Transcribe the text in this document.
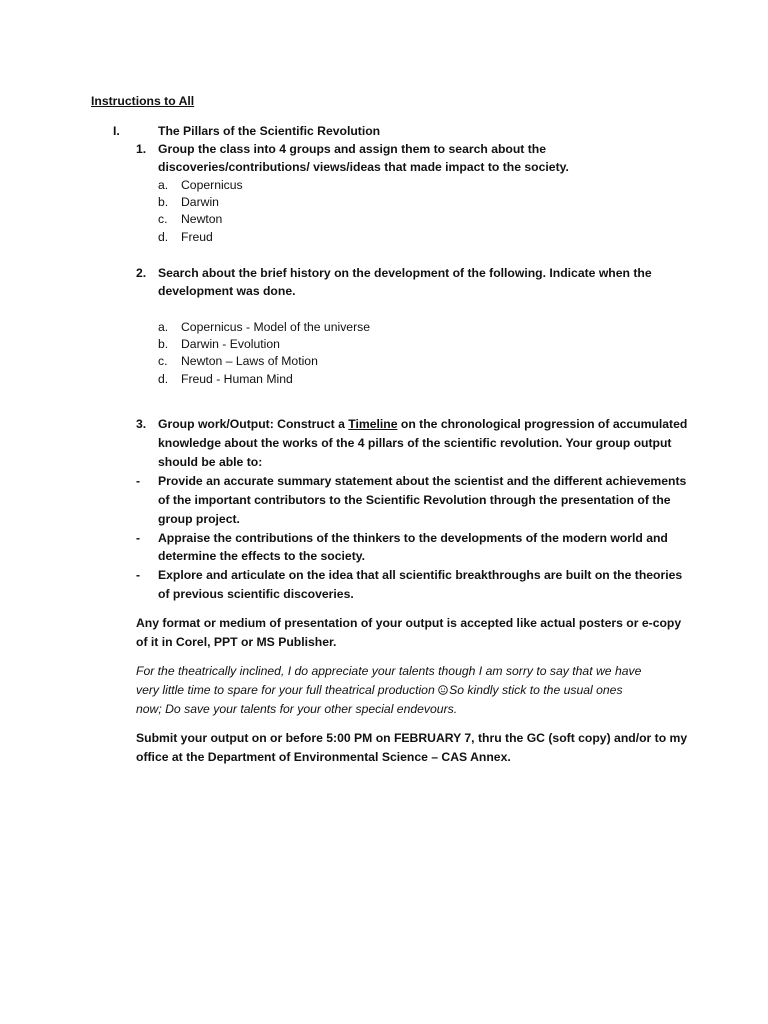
Instructions to All
I.	The Pillars of the Scientific Revolution
1. Group the class into 4 groups and assign them to search about the
discoveries/contributions/ views/ideas that made impact to the society.
a. Copernicus
b. Darwin
c. Newton
d. Freud
2. Search about the brief history on the development of the following. Indicate when the
development was done.
a. Copernicus - Model of the universe
b. Darwin - Evolution
c. Newton – Laws of Motion
d. Freud - Human Mind
3. Group work/Output: Construct a Timeline on the chronological progression of accumulated
knowledge about the works of the 4 pillars of the scientific revolution. Your group output
should be able to:
- Provide an accurate summary statement about the scientist and the different achievements
of the important contributors to the Scientific Revolution through the presentation of the
group project.
- Appraise the contributions of the thinkers to the developments of the modern world and
determine the effects to the society.
- Explore and articulate on the idea that all scientific breakthroughs are built on the theories
of previous scientific discoveries.
Any format or medium of presentation of your output is accepted like actual posters or e-copy
of it in Corel, PPT or MS Publisher.
For the theatrically inclined, I do appreciate your talents though I am sorry to say that we have
very little time to spare for your full theatrical production So kindly stick to the usual ones
now; Do save your talents for your other special endevours.
Submit your output on or before 5:00 PM on FEBRUARY 7, thru the GC (soft copy) and/or to my
office at the Department of Environmental Science – CAS Annex.
